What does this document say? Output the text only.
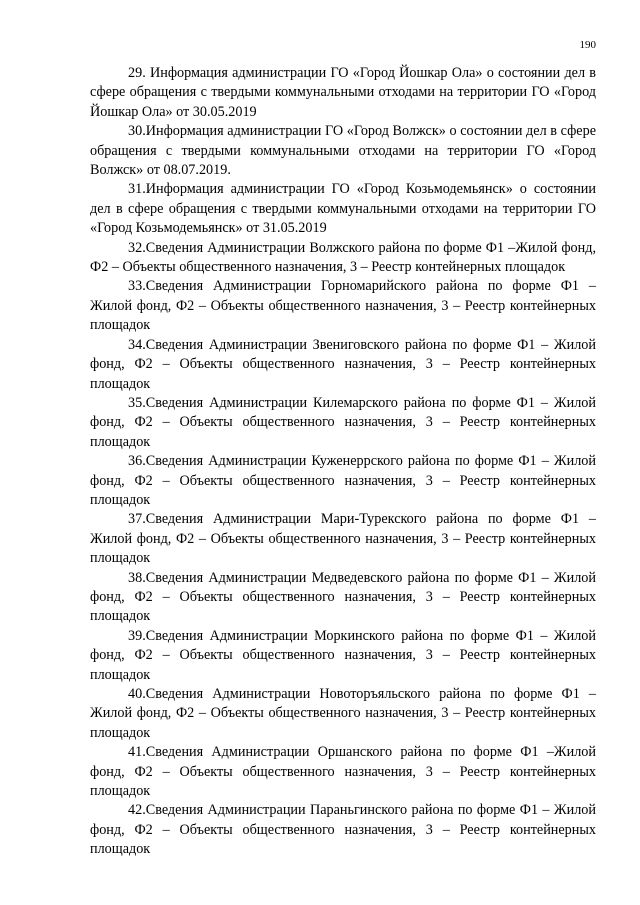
190

29. Информация администрации ГО «Город Йошкар Ола» о состоянии дел в сфере обращения с твердыми коммунальными отходами на территории ГО «Город Йошкар Ола» от 30.05.2019

30.Информация администрации ГО «Город Волжск» о состоянии дел в сфере обращения с твердыми коммунальными отходами на территории ГО «Город Волжск» от 08.07.2019.

31.Информация администрации ГО «Город Козьмодемьянск» о состоянии дел в сфере обращения с твердыми коммунальными отходами на территории ГО «Город Козьмодемьянск» от 31.05.2019

32.Сведения Администрации Волжского района по форме Ф1 –Жилой фонд, Ф2 – Объекты общественного назначения, 3 – Реестр контейнерных площадок

33.Сведения Администрации Горномарийского района по форме Ф1 – Жилой фонд, Ф2 – Объекты общественного назначения, 3 – Реестр контейнерных площадок

34.Сведения Администрации Звениговского района по форме Ф1 – Жилой фонд, Ф2 – Объекты общественного назначения, 3 – Реестр контейнерных площадок

35.Сведения Администрации Килемарского района по форме Ф1 – Жилой фонд, Ф2 – Объекты общественного назначения, 3 – Реестр контейнерных площадок

36.Сведения Администрации Куженеррского района по форме Ф1 – Жилой фонд, Ф2 – Объекты общественного назначения, 3 – Реестр контейнерных площадок

37.Сведения Администрации Мари-Турекского района по форме Ф1 – Жилой фонд, Ф2 – Объекты общественного назначения, 3 – Реестр контейнерных площадок

38.Сведения Администрации Медведевского района по форме Ф1 – Жилой фонд, Ф2 – Объекты общественного назначения, 3 – Реестр контейнерных площадок

39.Сведения Администрации Моркинского района по форме Ф1 – Жилой фонд, Ф2 – Объекты общественного назначения, 3 – Реестр контейнерных площадок

40.Сведения Администрации Новоторъяльского района по форме Ф1 – Жилой фонд, Ф2 – Объекты общественного назначения, 3 – Реестр контейнерных площадок

41.Сведения Администрации Оршанского района по форме Ф1 –Жилой фонд, Ф2 – Объекты общественного назначения, 3 – Реестр контейнерных площадок

42.Сведения Администрации Параньгинского района по форме Ф1 – Жилой фонд, Ф2 – Объекты общественного назначения, 3 – Реестр контейнерных площадок
